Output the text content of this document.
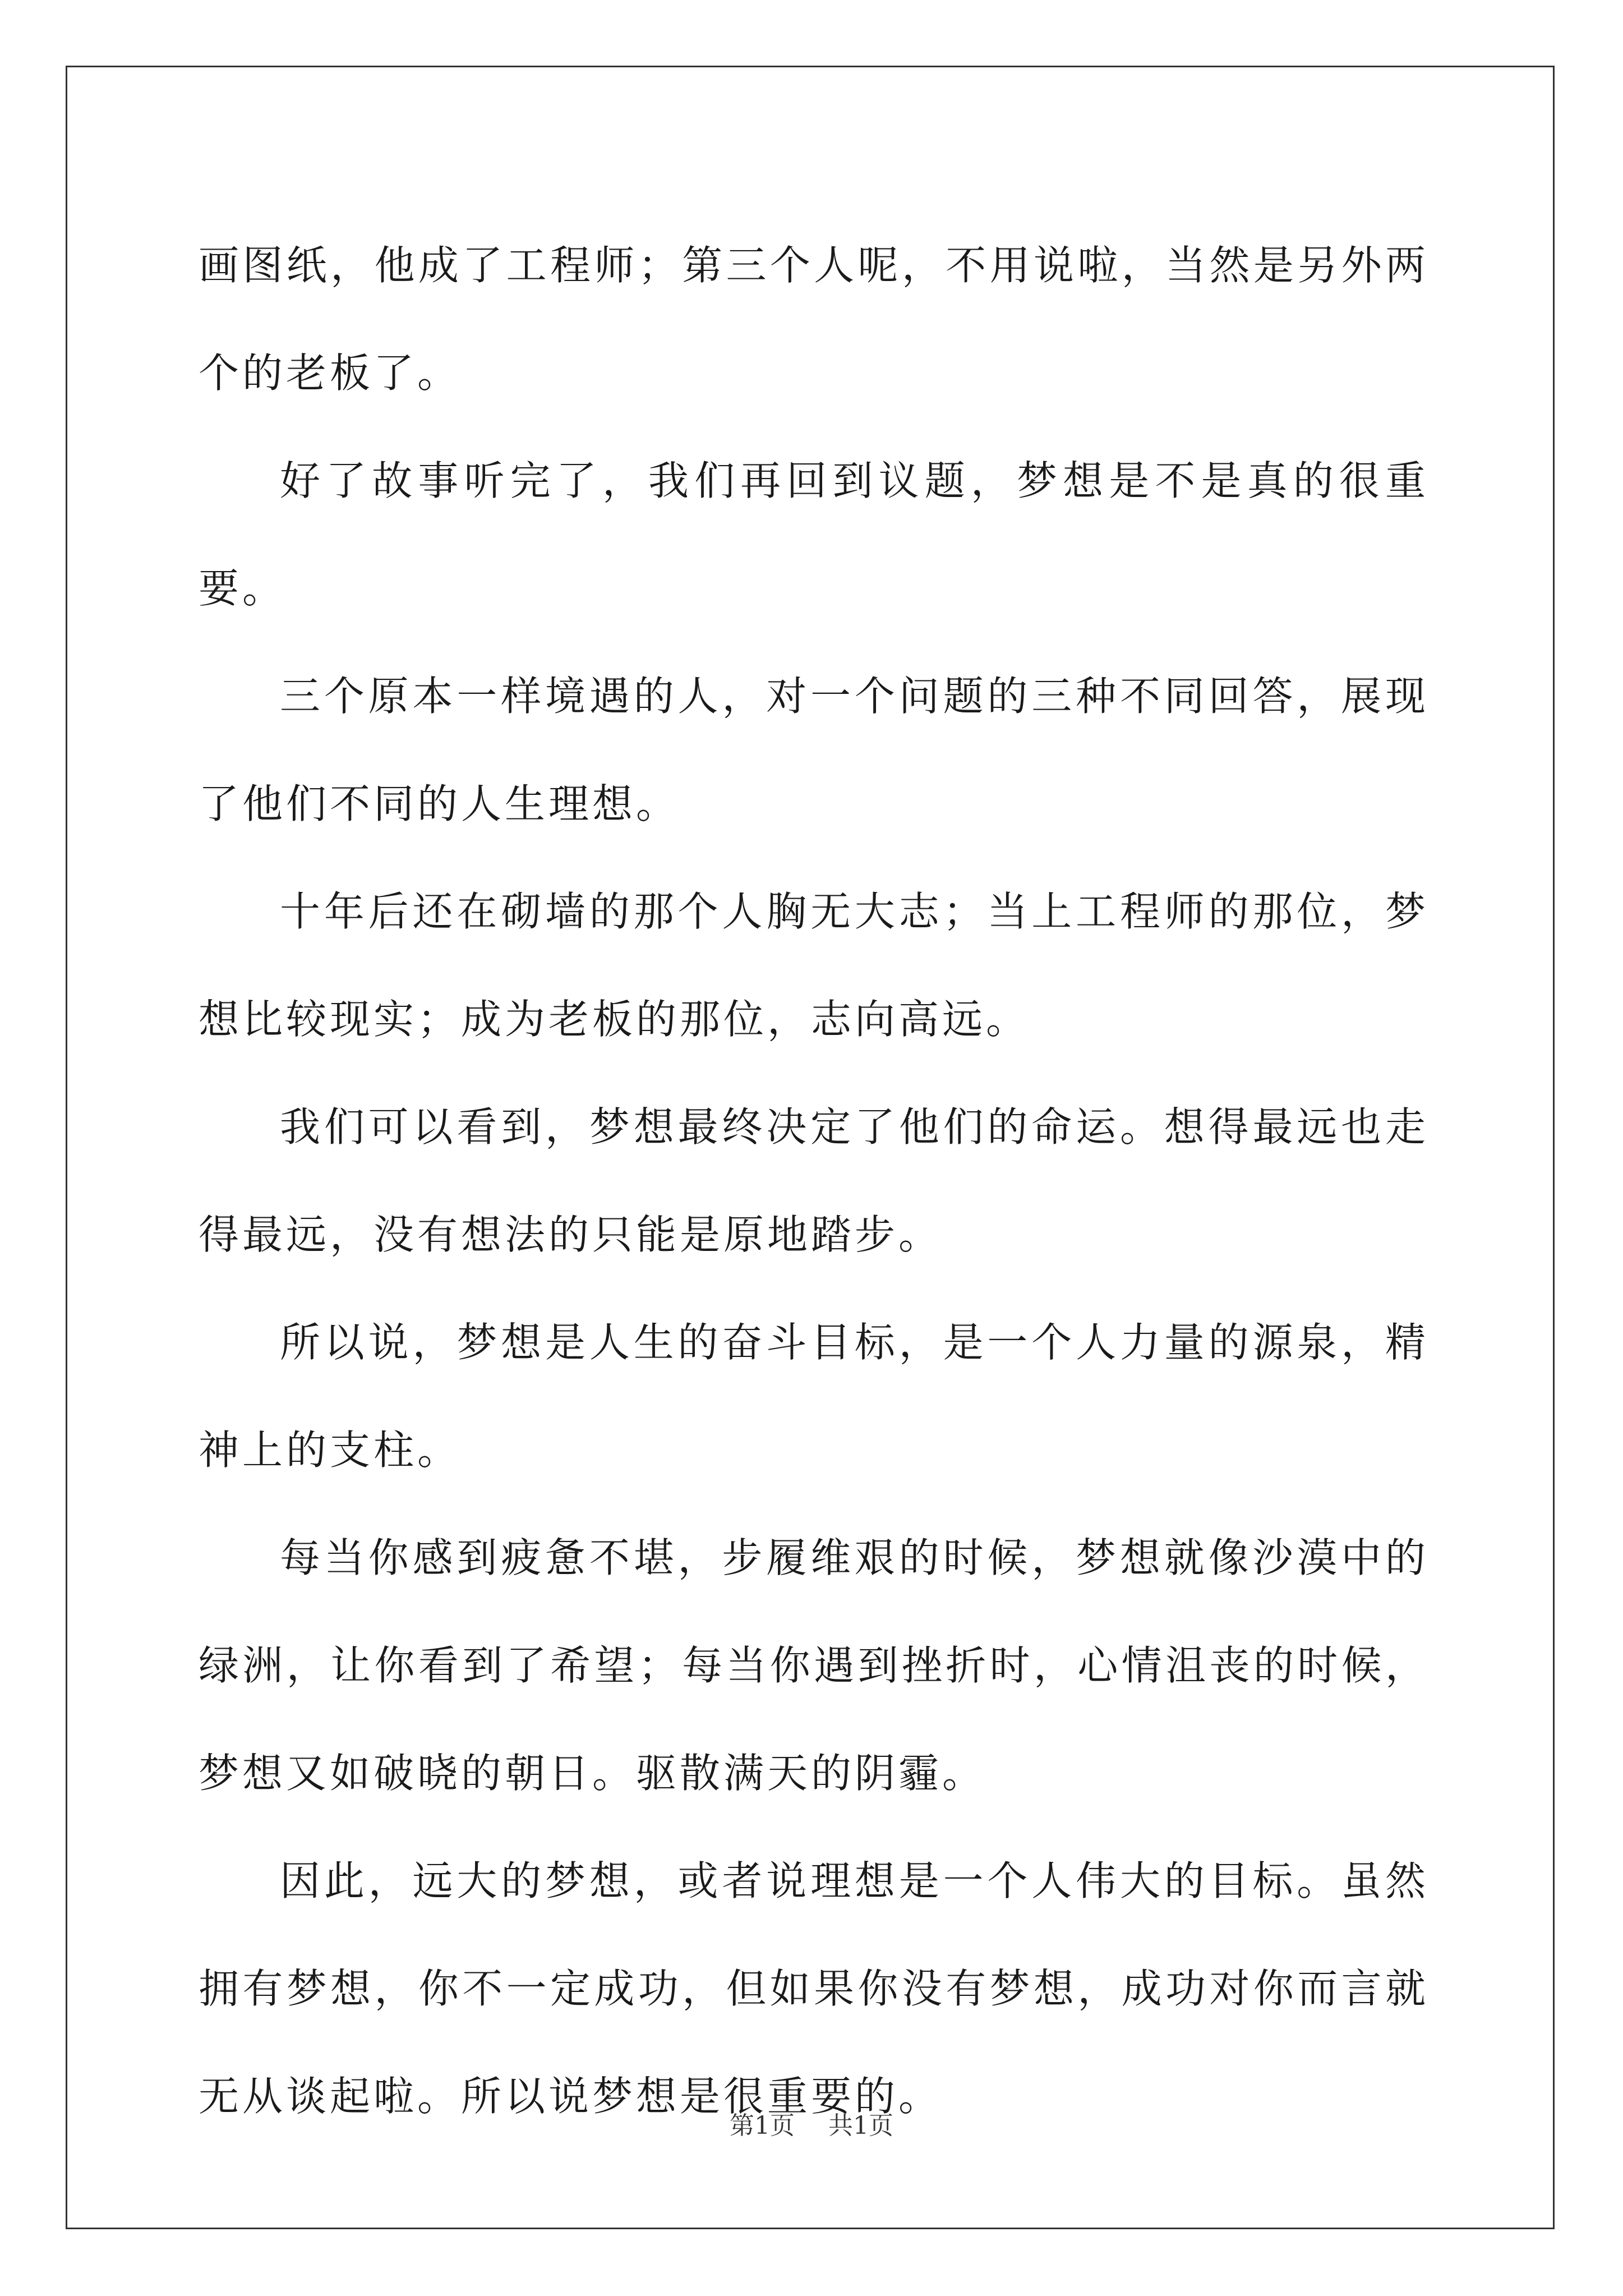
画图纸，他成了工程师；第三个人呢，不用说啦，当然是另外两个的老板了。

好了故事听完了，我们再回到议题，梦想是不是真的很重要。

三个原本一样境遇的人，对一个问题的三种不同回答，展现了他们不同的人生理想。

十年后还在砌墙的那个人胸无大志；当上工程师的那位，梦想比较现实；成为老板的那位，志向高远。

我们可以看到，梦想最终决定了他们的命运。想得最远也走得最远，没有想法的只能是原地踏步。

所以说，梦想是人生的奋斗目标，是一个人力量的源泉，精神上的支柱。

每当你感到疲惫不堪，步履维艰的时候，梦想就像沙漠中的绿洲，让你看到了希望；每当你遇到挫折时，心情沮丧的时候，梦想又如破晓的朝日。驱散满天的阴霾。

因此，远大的梦想，或者说理想是一个人伟大的目标。虽然拥有梦想，你不一定成功，但如果你没有梦想，成功对你而言就无从谈起啦。所以说梦想是很重要的。

第1页 共1页
